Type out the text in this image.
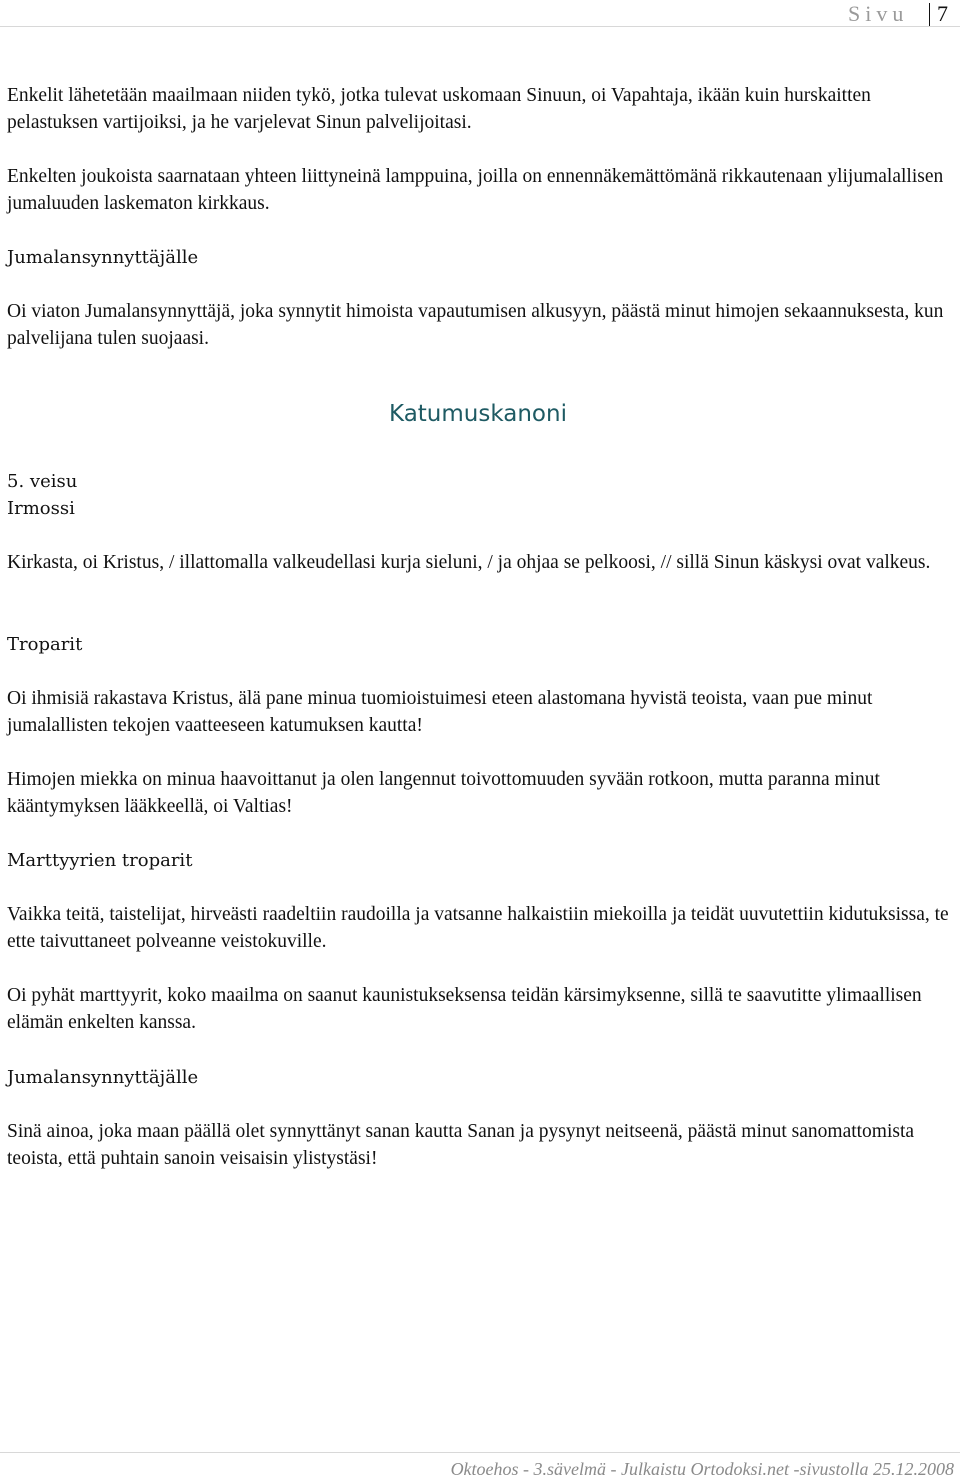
Sivu 7

Enkelit lähetetään maailmaan niiden tykö, jotka tulevat uskomaan Sinuun, oi Vapahtaja, ikään kuin hurskaitten pelastuksen vartijoiksi, ja he varjelevat Sinun palvelijoitasi.

Enkelten joukoista saarnataan yhteen liittyneinä lamppuina, joilla on ennennäkemättömänä rikkautenaan ylijumalallisen jumaluuden laskematon kirkkaus.

Jumalansynnyttäjälle

Oi viaton Jumalansynnyttäjä, joka synnytit himoista vapautumisen alkusyyn, päästä minut himojen sekaannuksesta, kun palvelijana tulen suojaasi.

Katumuskanoni
5. veisu
Irmossi

Kirkasta, oi Kristus, / illattomalla valkeudellasi kurja sieluni, / ja ohjaa se pelkoosi, // sillä Sinun käskysi ovat valkeus.

Troparit

Oi ihmisiä rakastava Kristus, älä pane minua tuomioistuimesi eteen alastomana hyvistä teoista, vaan pue minut jumalallisten tekojen vaatteeseen katumuksen kautta!

Himojen miekka on minua haavoittanut ja olen langennut toivottomuuden syvään rotkoon, mutta paranna minut kääntymyksen lääkkeellä, oi Valtias!

Marttyyrien troparit

Vaikka teitä, taistelijat, hirveästi raadeltiin raudoilla ja vatsanne halkaistiin miekoilla ja teidät uuvutettiin kidutuksissa, te ette taivuttaneet polveanne veistokuville.

Oi pyhät marttyyrit, koko maailma on saanut kaunistukseksensa teidän kärsimyksenne, sillä te saavutitte ylimaallisen elämän enkelten kanssa.

Jumalansynnyttäjälle

Sinä ainoa, joka maan päällä olet synnyttänyt sanan kautta Sanan ja pysynyt neitseenä, päästä minut sanomattomista teoista, että puhtain sanoin veisaisin ylistystäsi!

Oktoehos - 3.sävelmä - Julkaistu Ortodoksi.net -sivustolla 25.12.2008
